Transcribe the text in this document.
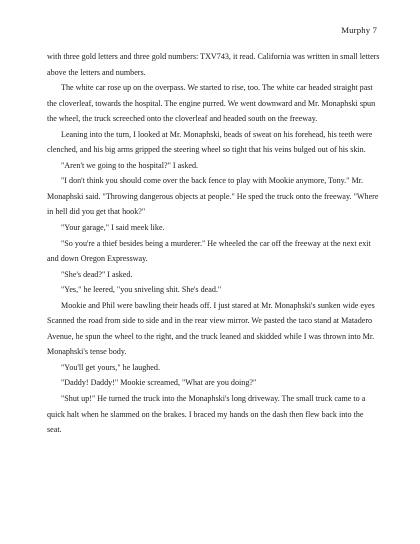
Murphy 7

with three gold letters and three gold numbers: TXV743, it read. California was written in small letters above the letters and numbers.

The white car rose up on the overpass. We started to rise, too. The white car headed straight past the cloverleaf, towards the hospital. The engine purred. We went downward and Mr. Monaphski spun the wheel, the truck screeched onto the cloverleaf and headed south on the freeway.

Leaning into the turn, I looked at Mr. Monaphski, beads of sweat on his forehead, his teeth were clenched, and his big arms gripped the steering wheel so tight that his veins bulged out of his skin.

"Aren't we going to the hospital?" I asked.

"I don't think you should come over the back fence to play with Mookie anymore, Tony." Mr. Monaphski said. "Throwing dangerous objects at people." He sped the truck onto the freeway. "Where in hell did you get that hook?"

"Your garage," I said meek like.

"So you're a thief besides being a murderer." He wheeled the car off the freeway at the next exit and down Oregon Expressway.

"She's dead?" I asked.

"Yes," he leered, "you sniveling shit. She's dead."

Mookie and Phil were bawling their heads off. I just stared at Mr. Monaphski's sunken wide eyes Scanned the road from side to side and in the rear view mirror. We pasted the taco stand at Matadero Avenue, he spun the wheel to the right, and the truck leaned and skidded while I was thrown into Mr. Monaphski's tense body.

"You'll get yours," he laughed.

"Daddy! Daddy!" Mookie screamed, "What are you doing?"

"Shut up!" He turned the truck into the Monaphski's long driveway. The small truck came to a quick halt when he slammed on the brakes. I braced my hands on the dash then flew back into the seat.
